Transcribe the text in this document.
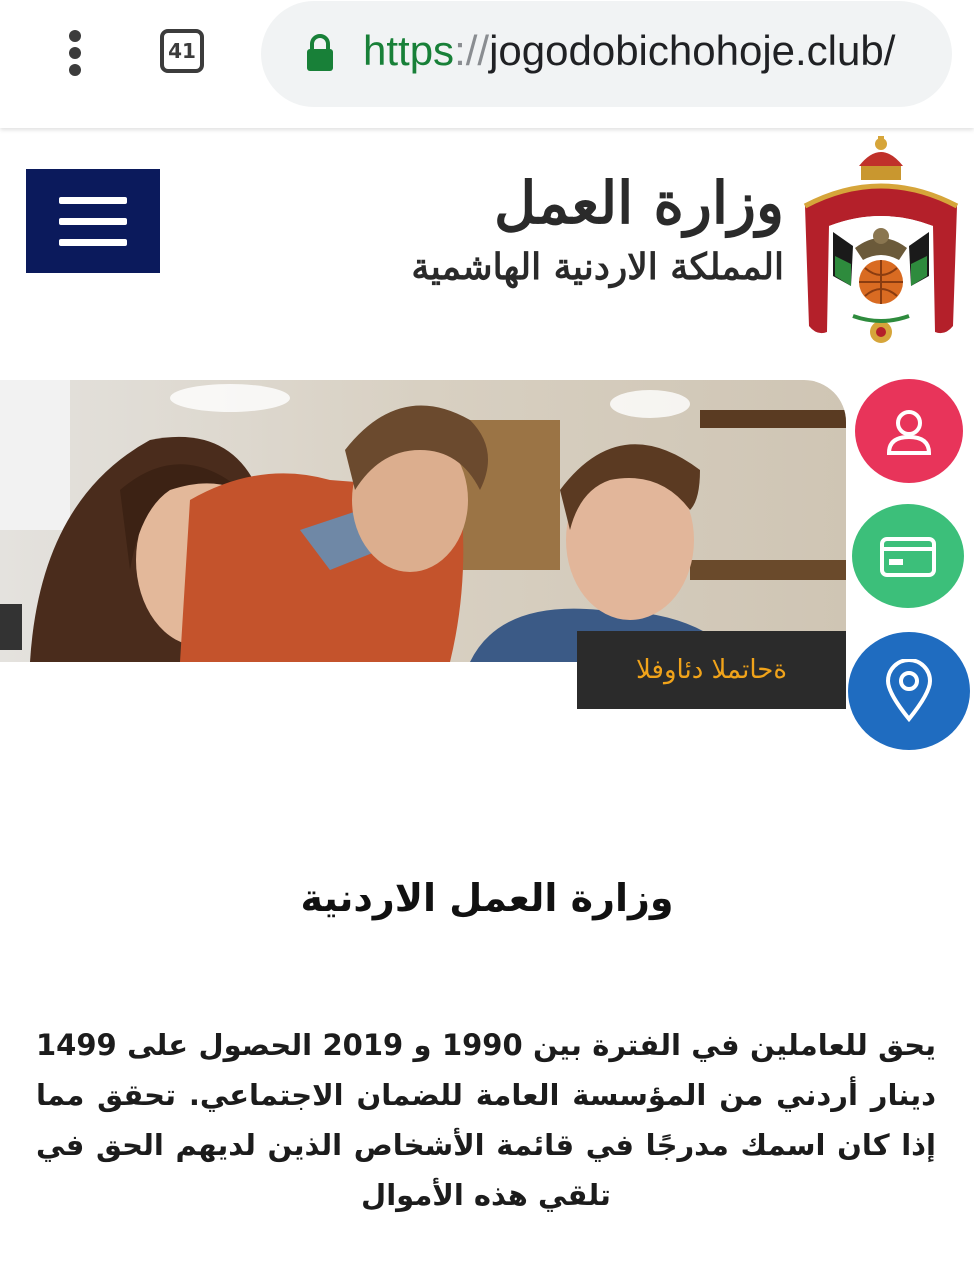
41	https://jogodobichohoje.club/
وزارة العمل
المملكة الاردنية الهاشمية
ةحاتملا دئاوفلا
وزارة العمل الاردنية

يحق للعاملين في الفترة بين 1990 و 2019 الحصول على 1499 دينار أردني من المؤسسة العامة للضمان الاجتماعي. تحقق مما إذا كان اسمك مدرجًا في قائمة الأشخاص الذين لديهم الحق في تلقي هذه الأموال
